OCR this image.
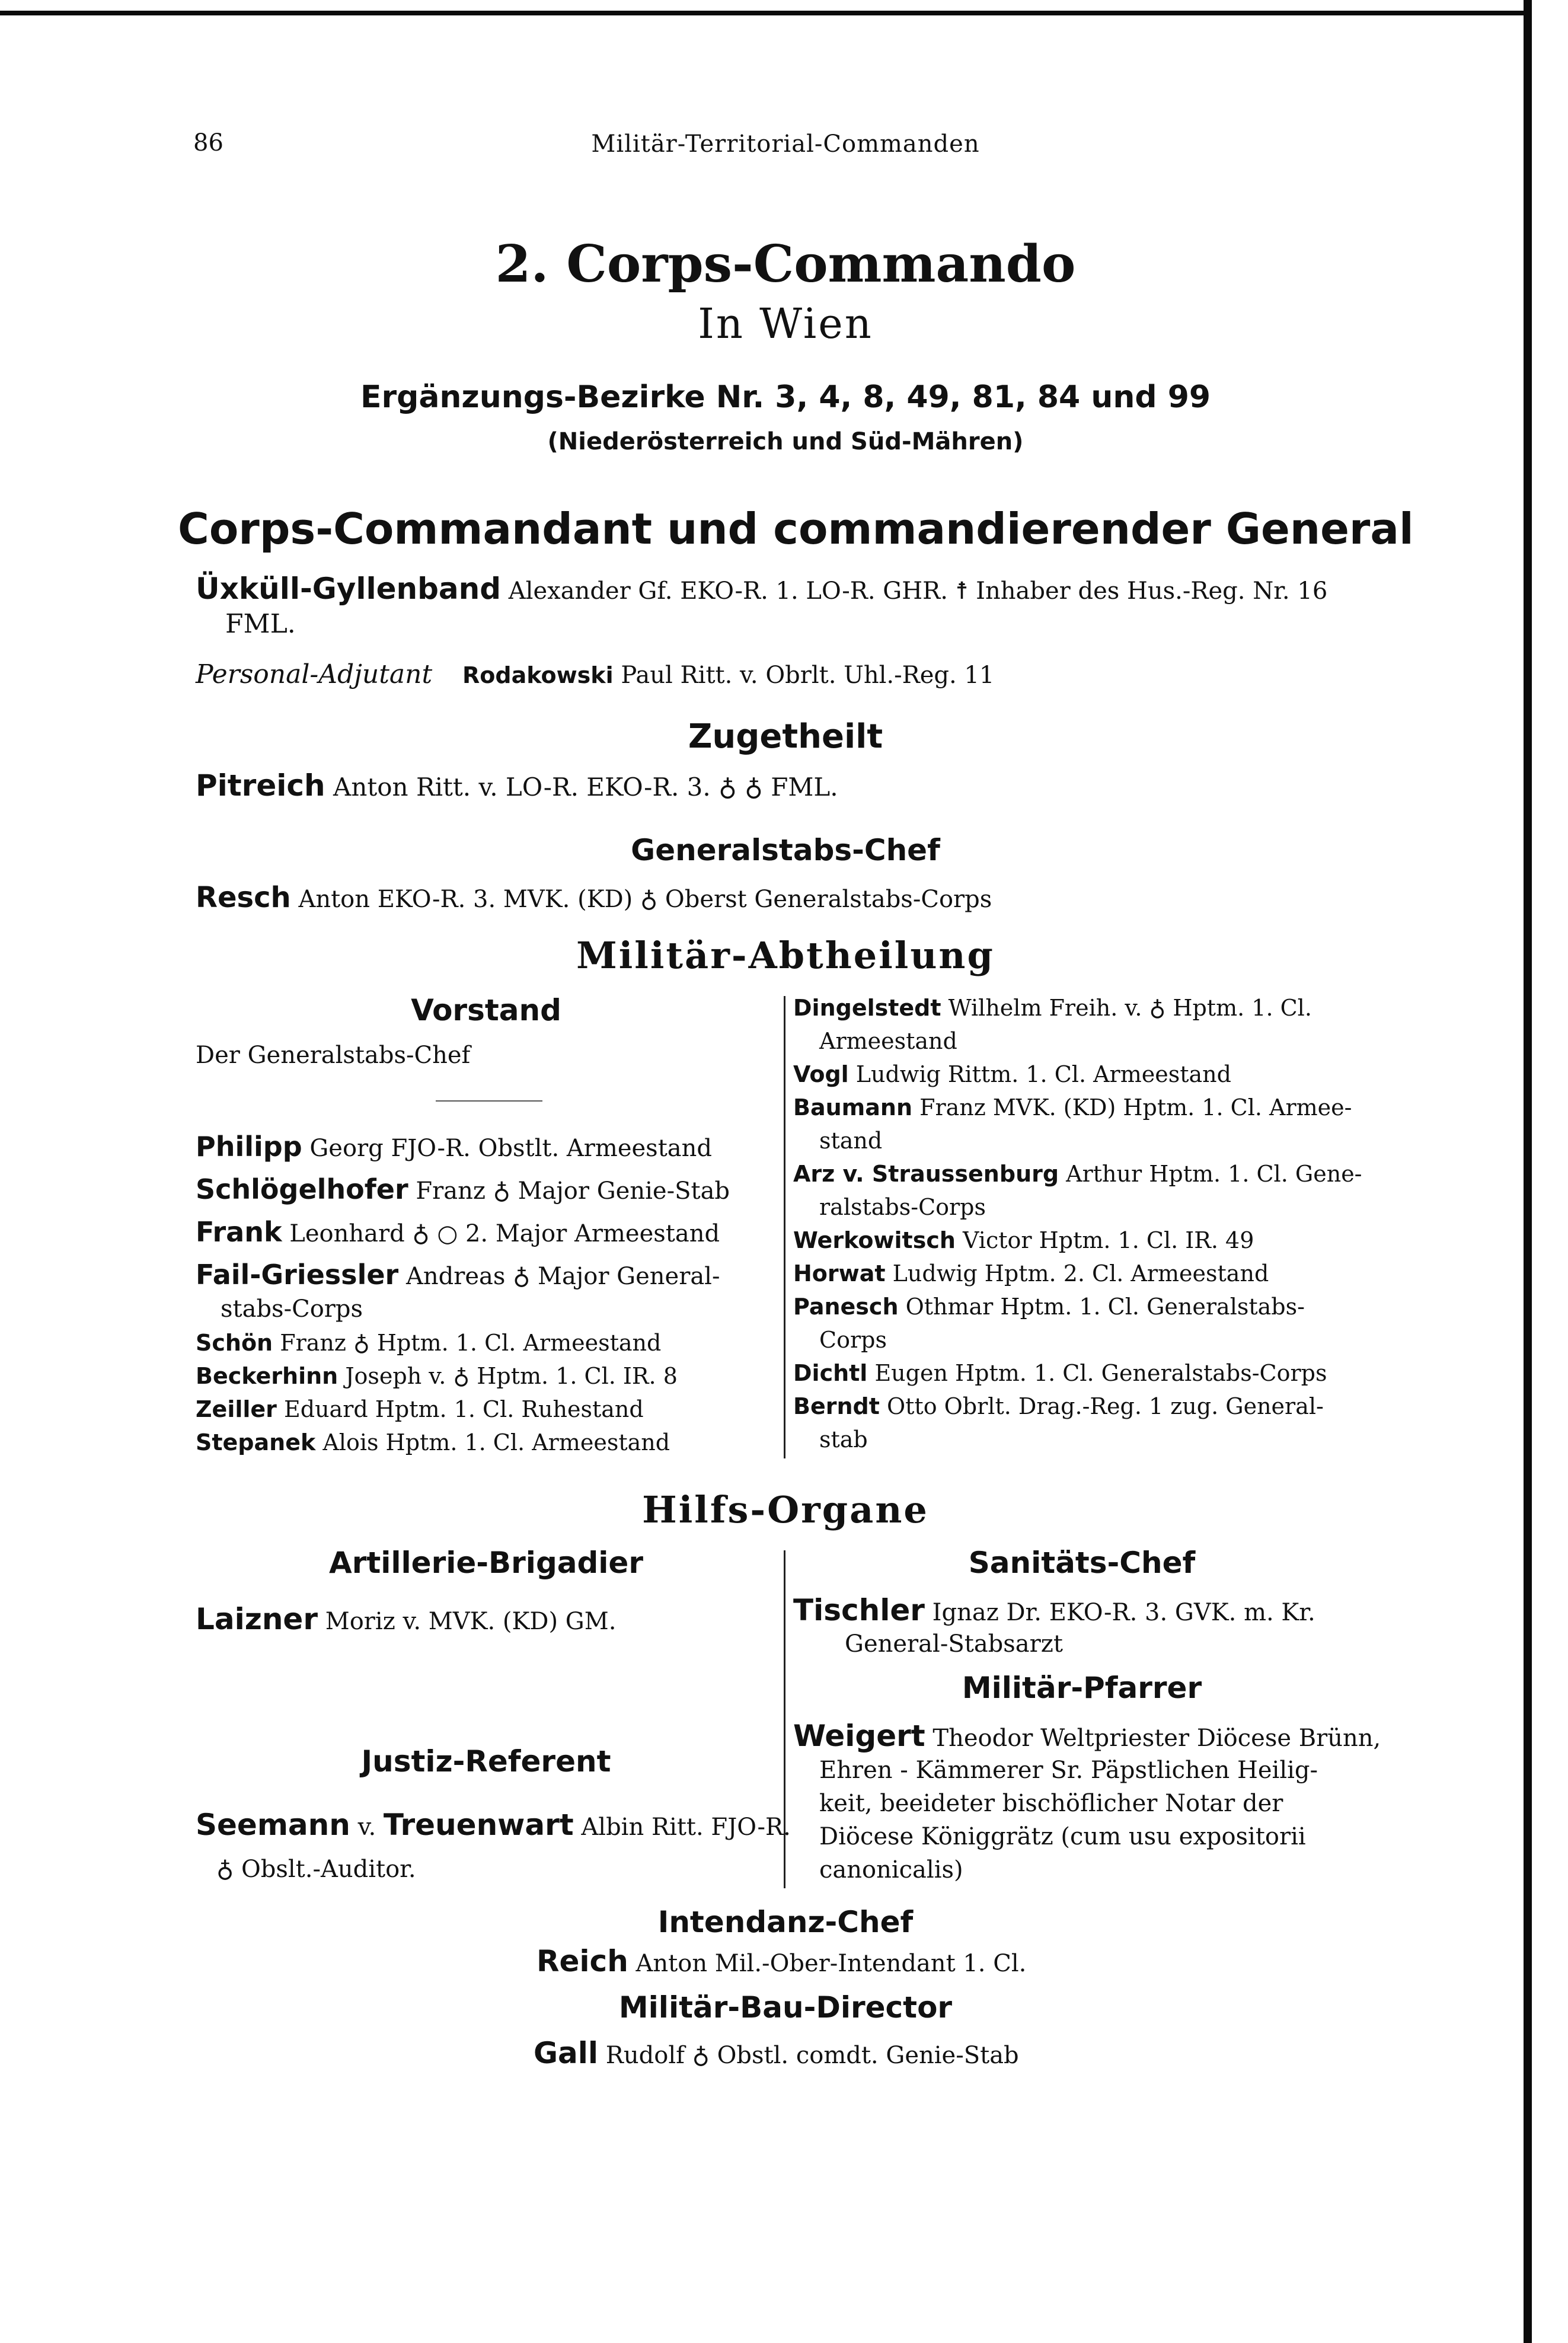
86	Militär-Territorial-Commanden
2. Corps-Commando
In Wien
Ergänzungs-Bezirke Nr. 3, 4, 8, 49, 81, 84 und 99
(Niederösterreich und Süd-Mähren)
Corps-Commandant und commandierender General
Üxküll-Gyllenband Alexander Gf. EKO-R. 1. LO-R. GHR. ☨ Inhaber des Hus.-Reg. Nr. 16
FML.
Personal-Adjutant Rodakowski Paul Ritt. v. Obrlt. Uhl.-Reg. 11
Zugetheilt
Pitreich Anton Ritt. v. LO-R. EKO-R. 3. ♁ ♁ FML.
Generalstabs-Chef
Resch Anton EKO-R. 3. MVK. (KD) ♁ Oberst Generalstabs-Corps
Militär-Abtheilung
Vorstand
Der Generalstabs-Chef
Philipp Georg FJO-R. Obstlt. Armeestand
Schlögelhofer Franz ♁ Major Genie-Stab
Frank Leonhard ♁ ○ 2. Major Armeestand
Fail-Griessler Andreas ♁ Major General-
stabs-Corps
Schön Franz ♁ Hptm. 1. Cl. Armeestand
Beckerhinn Joseph v. ♁ Hptm. 1. Cl. IR. 8
Zeiller Eduard Hptm. 1. Cl. Ruhestand
Stepanek Alois Hptm. 1. Cl. Armeestand
Dingelstedt Wilhelm Freih. v. ♁ Hptm. 1. Cl.
Armeestand
Vogl Ludwig Rittm. 1. Cl. Armeestand
Baumann Franz MVK. (KD) Hptm. 1. Cl. Armee-
stand
Arz v. Straussenburg Arthur Hptm. 1. Cl. Gene-
ralstabs-Corps
Werkowitsch Victor Hptm. 1. Cl. IR. 49
Horwat Ludwig Hptm. 2. Cl. Armeestand
Panesch Othmar Hptm. 1. Cl. Generalstabs-
Corps
Dichtl Eugen Hptm. 1. Cl. Generalstabs-Corps
Berndt Otto Obrlt. Drag.-Reg. 1 zug. General-
stab
Hilfs-Organe
Artillerie-Brigadier
Laizner Moriz v. MVK. (KD) GM.
Justiz-Referent
Seemann v. Treuenwart Albin Ritt. FJO-R.
♁ Obslt.-Auditor.
Sanitäts-Chef
Tischler Ignaz Dr. EKO-R. 3. GVK. m. Kr.
General-Stabsarzt
Militär-Pfarrer
Weigert Theodor Weltpriester Diöcese Brünn,
Ehren - Kämmerer Sr. Päpstlichen Heilig-
keit, beeideter bischöflicher Notar der
Diöcese Königgrätz (cum usu expositorii
canonicalis)
Intendanz-Chef
Reich Anton Mil.-Ober-Intendant 1. Cl.
Militär-Bau-Director
Gall Rudolf ♁ Obstl. comdt. Genie-Stab
